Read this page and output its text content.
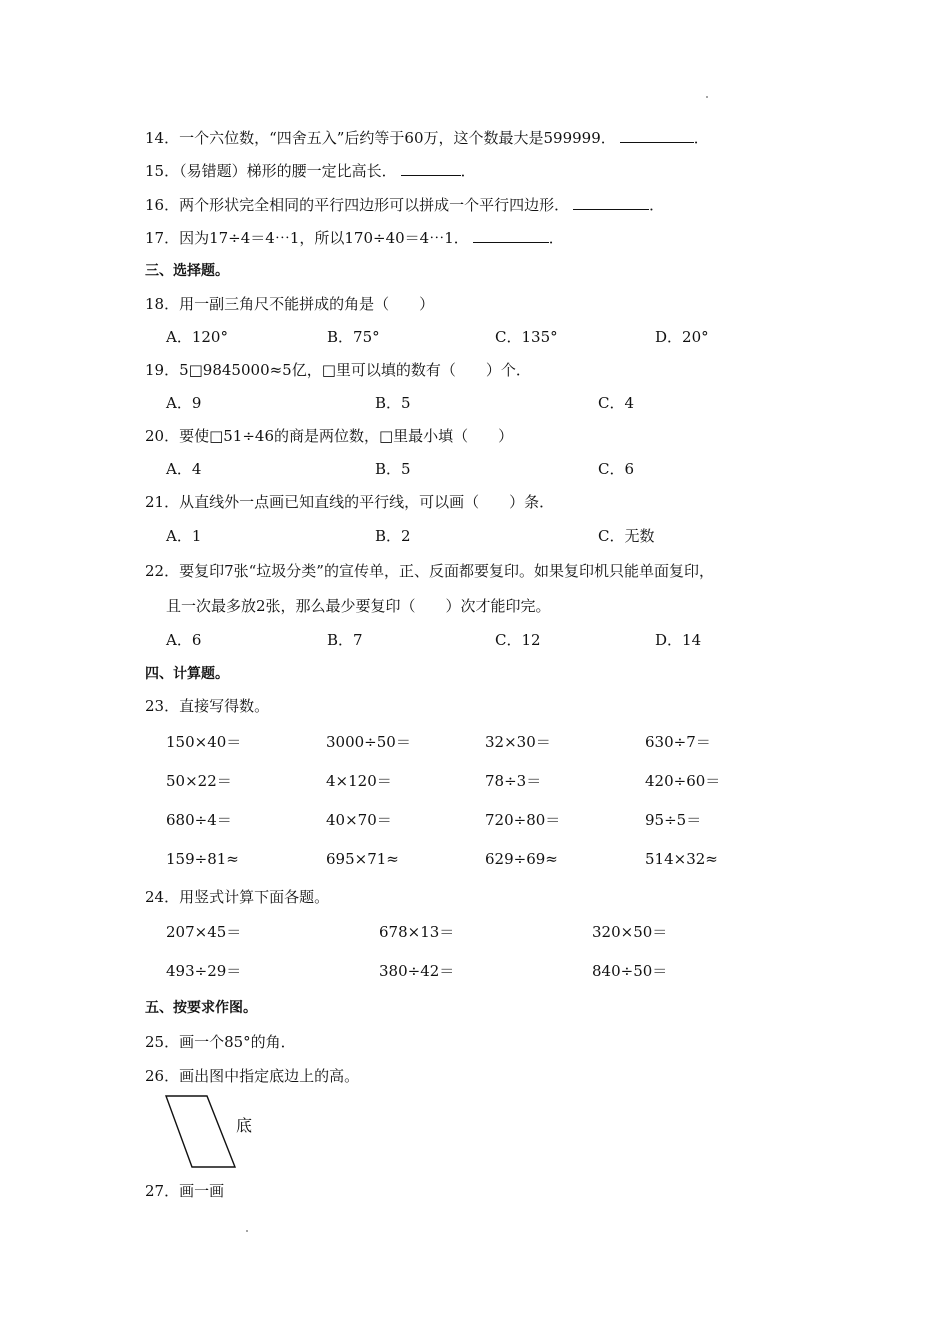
14．一个六位数，“四舍五入”后约等于60万，这个数最大是599999．	．
15．（易错题）梯形的腰一定比高长．	．
16．两个形状完全相同的平行四边形可以拼成一个平行四边形．	．
17．因为17÷4＝4⋯1，所以170÷40＝4⋯1．	．
三、选择题。
18．用一副三角尺不能拼成的角是（　　）
A．120°	B．75°	C．135°	D．20°
19．5□9845000≈5亿，□里可以填的数有（　　）个．
A．9	B．5	C．4
20．要使□51÷46的商是两位数，□里最小填（　　）
A．4	B．5	C．6
21．从直线外一点画已知直线的平行线，可以画（　　）条．
A．1	B．2	C．无数
22．要复印7张“垃圾分类”的宣传单，正、反面都要复印。如果复印机只能单面复印，
且一次最多放2张，那么最少要复印（　　）次才能印完。
A．6	B．7	C．12	D．14
四、计算题。
23．直接写得数。
150×40＝	3000÷50＝	32×30＝	630÷7＝
50×22＝	4×120＝	78÷3＝	420÷60＝
680÷4＝	40×70＝	720÷80＝	95÷5＝
159÷81≈	695×71≈	629÷69≈	514×32≈
24．用竖式计算下面各题。
207×45＝	678×13＝	320×50＝
493÷29＝	380÷42＝	840÷50＝
五、按要求作图。
25．画一个85°的角．
26．画出图中指定底边上的高。
底
27．画一画
